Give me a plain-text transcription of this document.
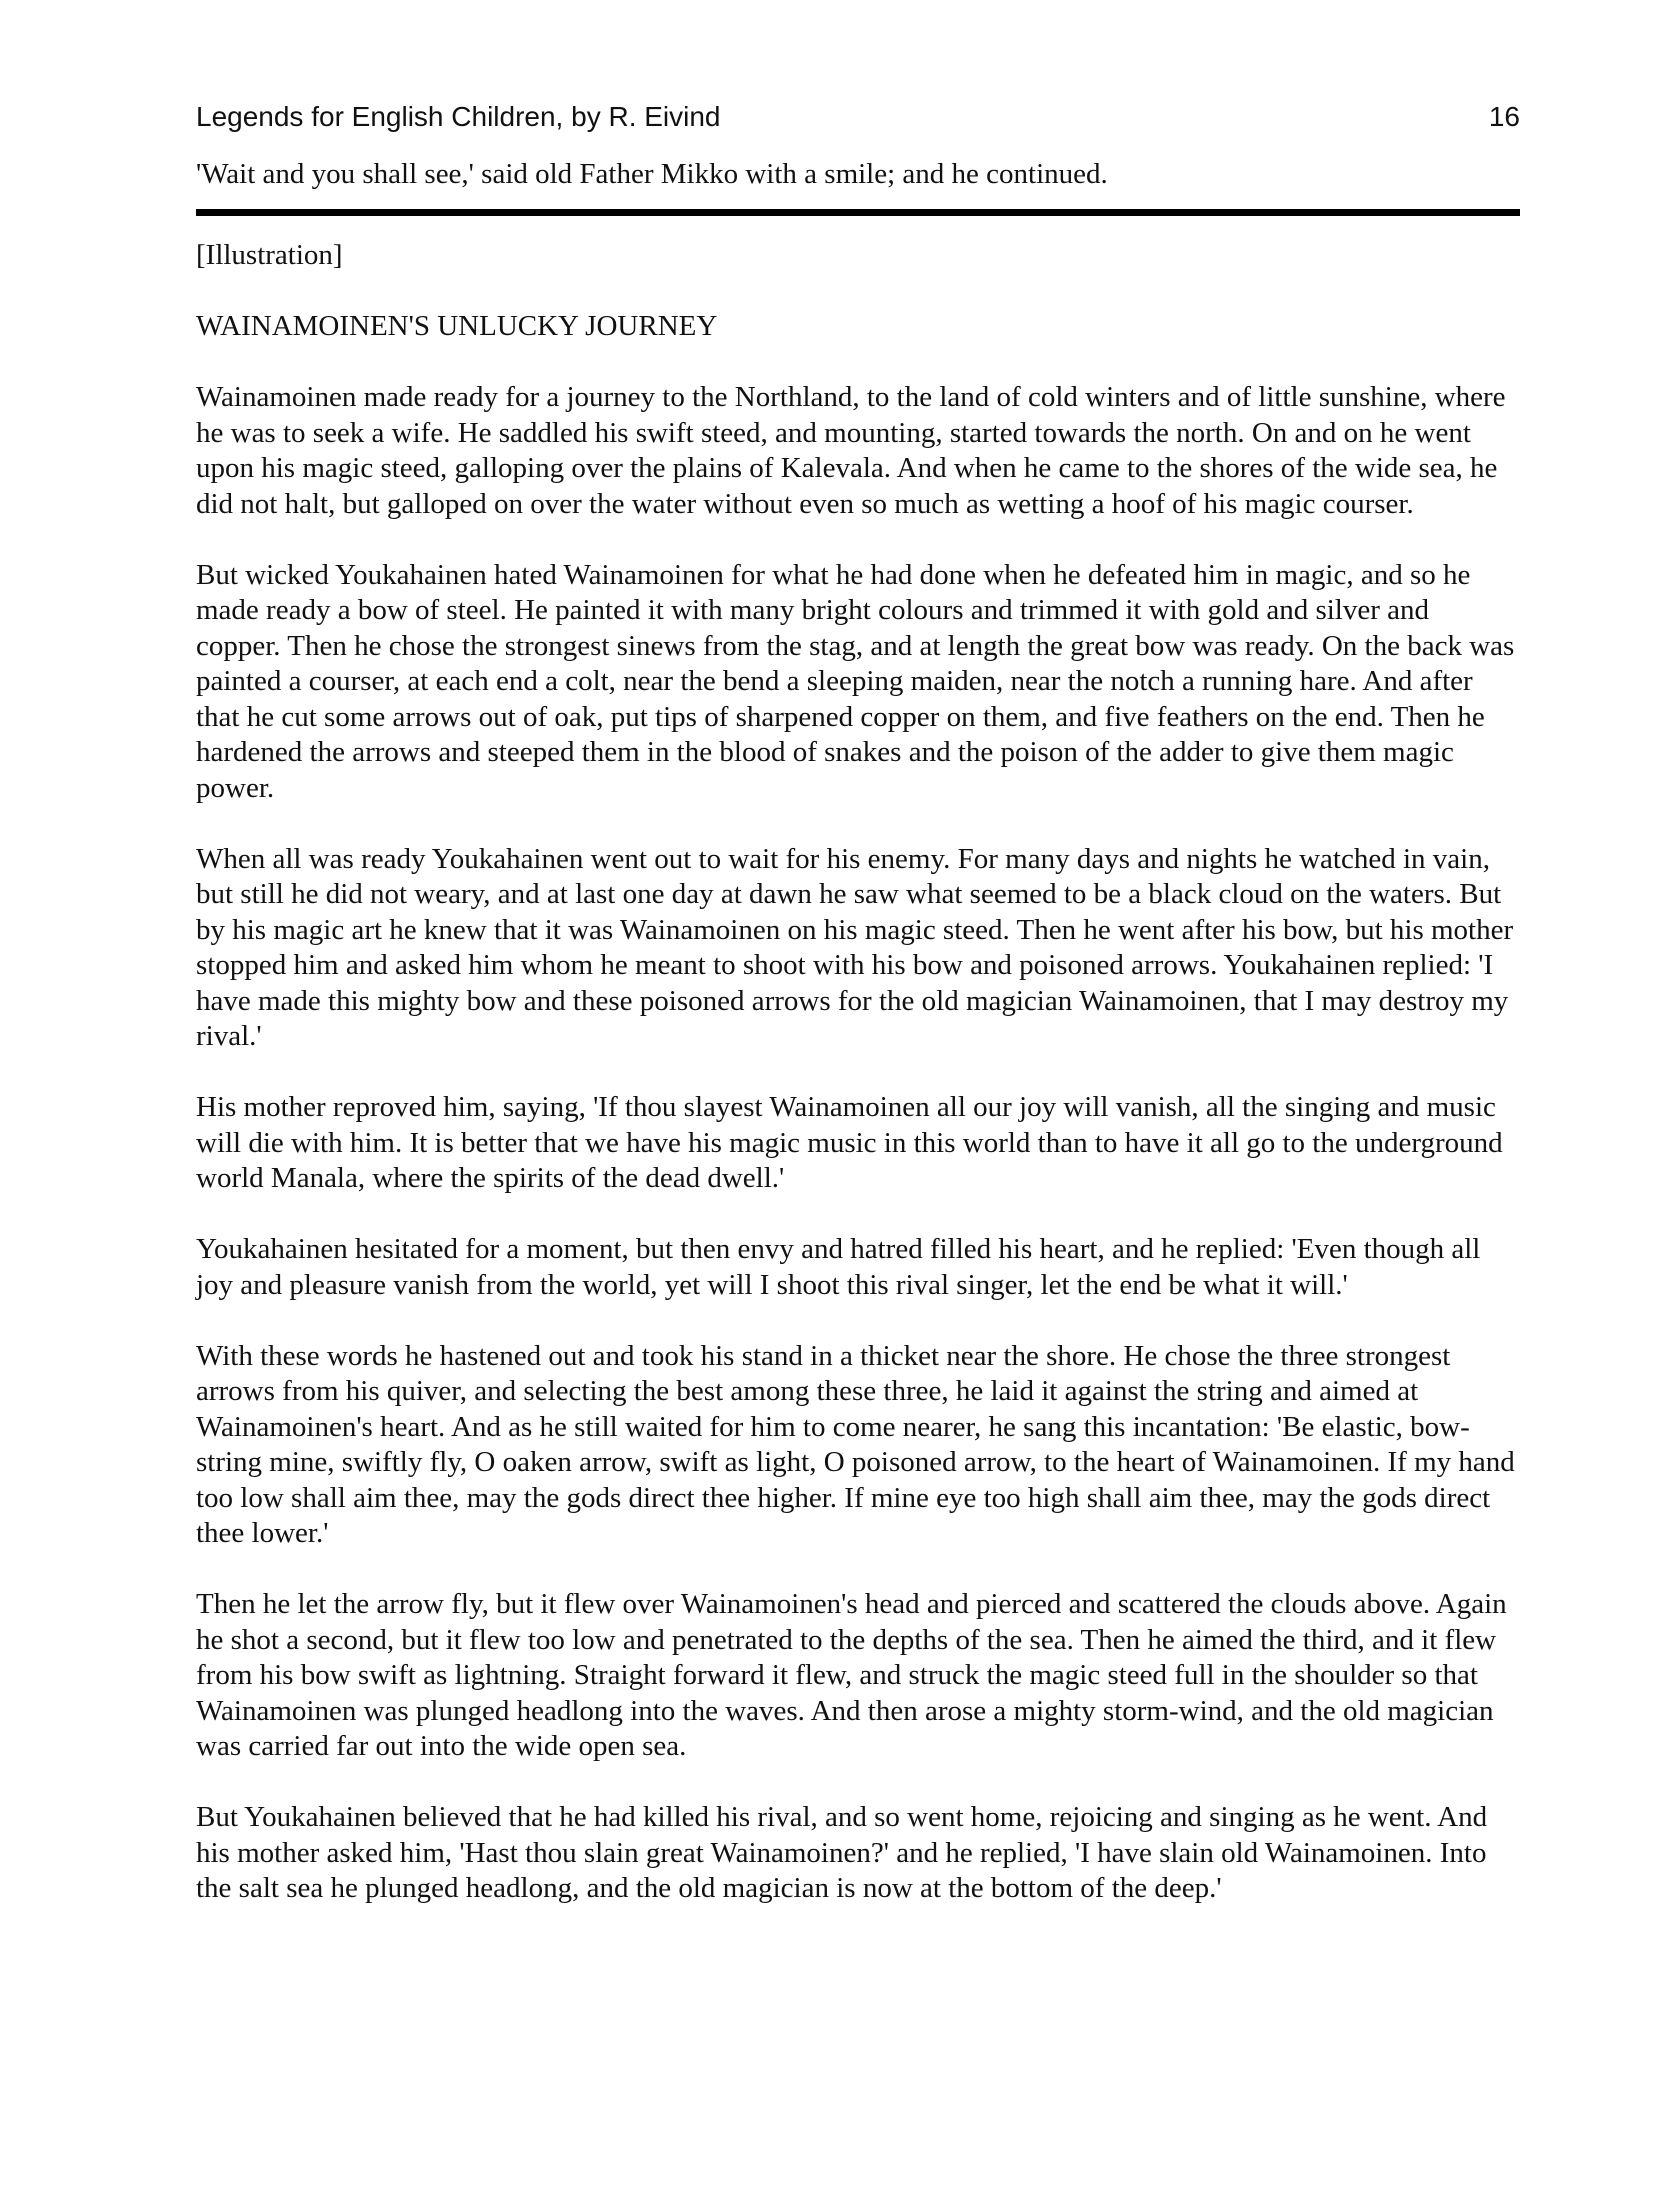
Legends for English Children, by R. Eivind	16
'Wait and you shall see,' said old Father Mikko with a smile; and he continued.

[Illustration]

WAINAMOINEN'S UNLUCKY JOURNEY

Wainamoinen made ready for a journey to the Northland, to the land of cold winters and of little sunshine, where he was to seek a wife. He saddled his swift steed, and mounting, started towards the north. On and on he went upon his magic steed, galloping over the plains of Kalevala. And when he came to the shores of the wide sea, he did not halt, but galloped on over the water without even so much as wetting a hoof of his magic courser.

But wicked Youkahainen hated Wainamoinen for what he had done when he defeated him in magic, and so he made ready a bow of steel. He painted it with many bright colours and trimmed it with gold and silver and copper. Then he chose the strongest sinews from the stag, and at length the great bow was ready. On the back was painted a courser, at each end a colt, near the bend a sleeping maiden, near the notch a running hare. And after that he cut some arrows out of oak, put tips of sharpened copper on them, and five feathers on the end. Then he hardened the arrows and steeped them in the blood of snakes and the poison of the adder to give them magic power.

When all was ready Youkahainen went out to wait for his enemy. For many days and nights he watched in vain, but still he did not weary, and at last one day at dawn he saw what seemed to be a black cloud on the waters. But by his magic art he knew that it was Wainamoinen on his magic steed. Then he went after his bow, but his mother stopped him and asked him whom he meant to shoot with his bow and poisoned arrows. Youkahainen replied: 'I have made this mighty bow and these poisoned arrows for the old magician Wainamoinen, that I may destroy my rival.'

His mother reproved him, saying, 'If thou slayest Wainamoinen all our joy will vanish, all the singing and music will die with him. It is better that we have his magic music in this world than to have it all go to the underground world Manala, where the spirits of the dead dwell.'

Youkahainen hesitated for a moment, but then envy and hatred filled his heart, and he replied: 'Even though all joy and pleasure vanish from the world, yet will I shoot this rival singer, let the end be what it will.'

With these words he hastened out and took his stand in a thicket near the shore. He chose the three strongest arrows from his quiver, and selecting the best among these three, he laid it against the string and aimed at Wainamoinen's heart. And as he still waited for him to come nearer, he sang this incantation: 'Be elastic, bow-string mine, swiftly fly, O oaken arrow, swift as light, O poisoned arrow, to the heart of Wainamoinen. If my hand too low shall aim thee, may the gods direct thee higher. If mine eye too high shall aim thee, may the gods direct thee lower.'

Then he let the arrow fly, but it flew over Wainamoinen's head and pierced and scattered the clouds above. Again he shot a second, but it flew too low and penetrated to the depths of the sea. Then he aimed the third, and it flew from his bow swift as lightning. Straight forward it flew, and struck the magic steed full in the shoulder so that Wainamoinen was plunged headlong into the waves. And then arose a mighty storm-wind, and the old magician was carried far out into the wide open sea.

But Youkahainen believed that he had killed his rival, and so went home, rejoicing and singing as he went. And his mother asked him, 'Hast thou slain great Wainamoinen?' and he replied, 'I have slain old Wainamoinen. Into the salt sea he plunged headlong, and the old magician is now at the bottom of the deep.'
